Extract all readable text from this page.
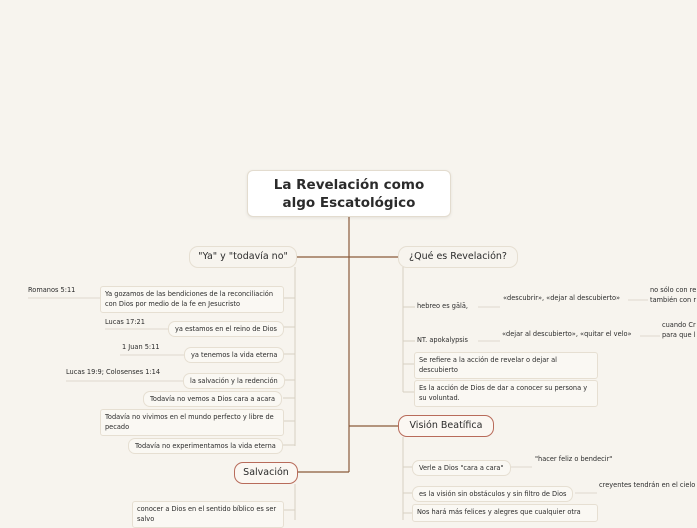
La Revelación como
algo Escatológico
"Ya" y "todavía no"	¿Qué es Revelación?
Visión Beatífica
Salvación
Ya gozamos de las bendiciones de la reconciliación con Dios por medio de la fe en Jesucristo
Romanos 5:11
ya estamos en el reino de Dios
Lucas 17:21
ya tenemos la vida eterna
1 Juan 5:11
la salvación y la redención
Lucas 19:9; Colosenses 1:14
Todavía no vemos a Dios cara a acara
Todavía no vivimos en el mundo perfecto y libre de pecado
Todavía no experimentamos la vida eterna
hebreo es gālā,
«descubrir», «dejar al descubierto»
no sólo con re también con r
NT. apokalypsis
«dejar al descubierto», «quitar el velo»
cuando Cr para que l
Se refiere a la acción de revelar o dejar al descubierto
Es la acción de Dios de dar a conocer su persona y su voluntad.
Verle a Dios "cara a cara"
"hacer feliz o bendecir"
es la visión sin obstáculos y sin filtro de Dios
creyentes tendrán en el cielo
Nos hará más felices y alegres que cualquier otra
conocer a Dios en el sentido bíblico es ser salvo
